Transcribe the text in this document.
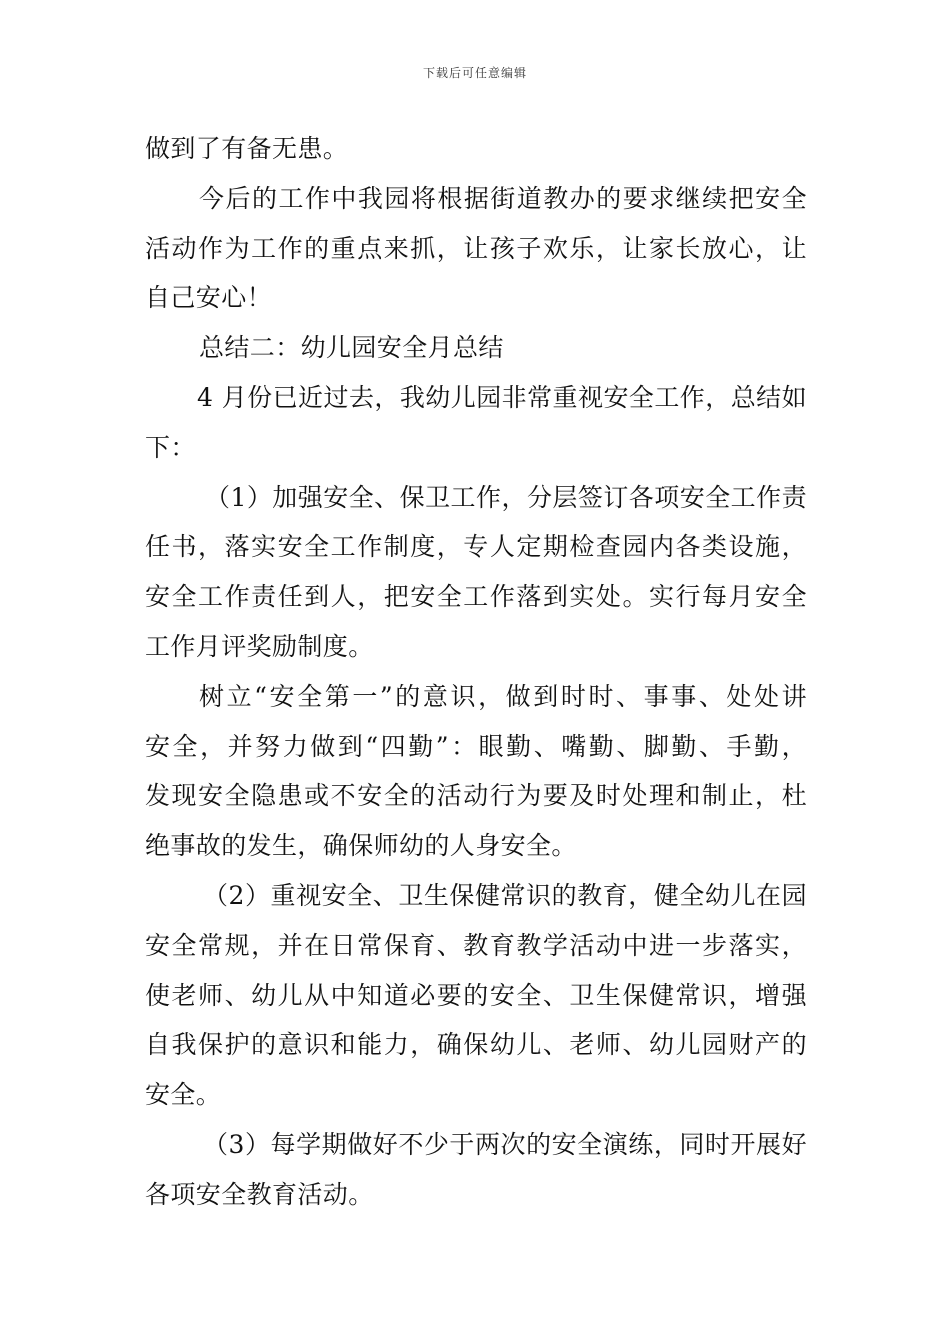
下载后可任意编辑
做到了有备无患。
今后的工作中我园将根据街道教办的要求继续把安全
活动作为工作的重点来抓，让孩子欢乐，让家长放心，让
自己安心！
总结二：幼儿园安全月总结
4 月份已近过去，我幼儿园非常重视安全工作，总结如
下：
（1）加强安全、保卫工作，分层签订各项安全工作责
任书，落实安全工作制度，专人定期检查园内各类设施，
安全工作责任到人，把安全工作落到实处。实行每月安全
工作月评奖励制度。
树立“安全第一”的意识，做到时时、事事、处处讲
安全，并努力做到“四勤”：眼勤、嘴勤、脚勤、手勤，
发现安全隐患或不安全的活动行为要及时处理和制止，杜
绝事故的发生，确保师幼的人身安全。
（2）重视安全、卫生保健常识的教育，健全幼儿在园
安全常规，并在日常保育、教育教学活动中进一步落实，
使老师、幼儿从中知道必要的安全、卫生保健常识，增强
自我保护的意识和能力，确保幼儿、老师、幼儿园财产的
安全。
（3）每学期做好不少于两次的安全演练，同时开展好
各项安全教育活动。
